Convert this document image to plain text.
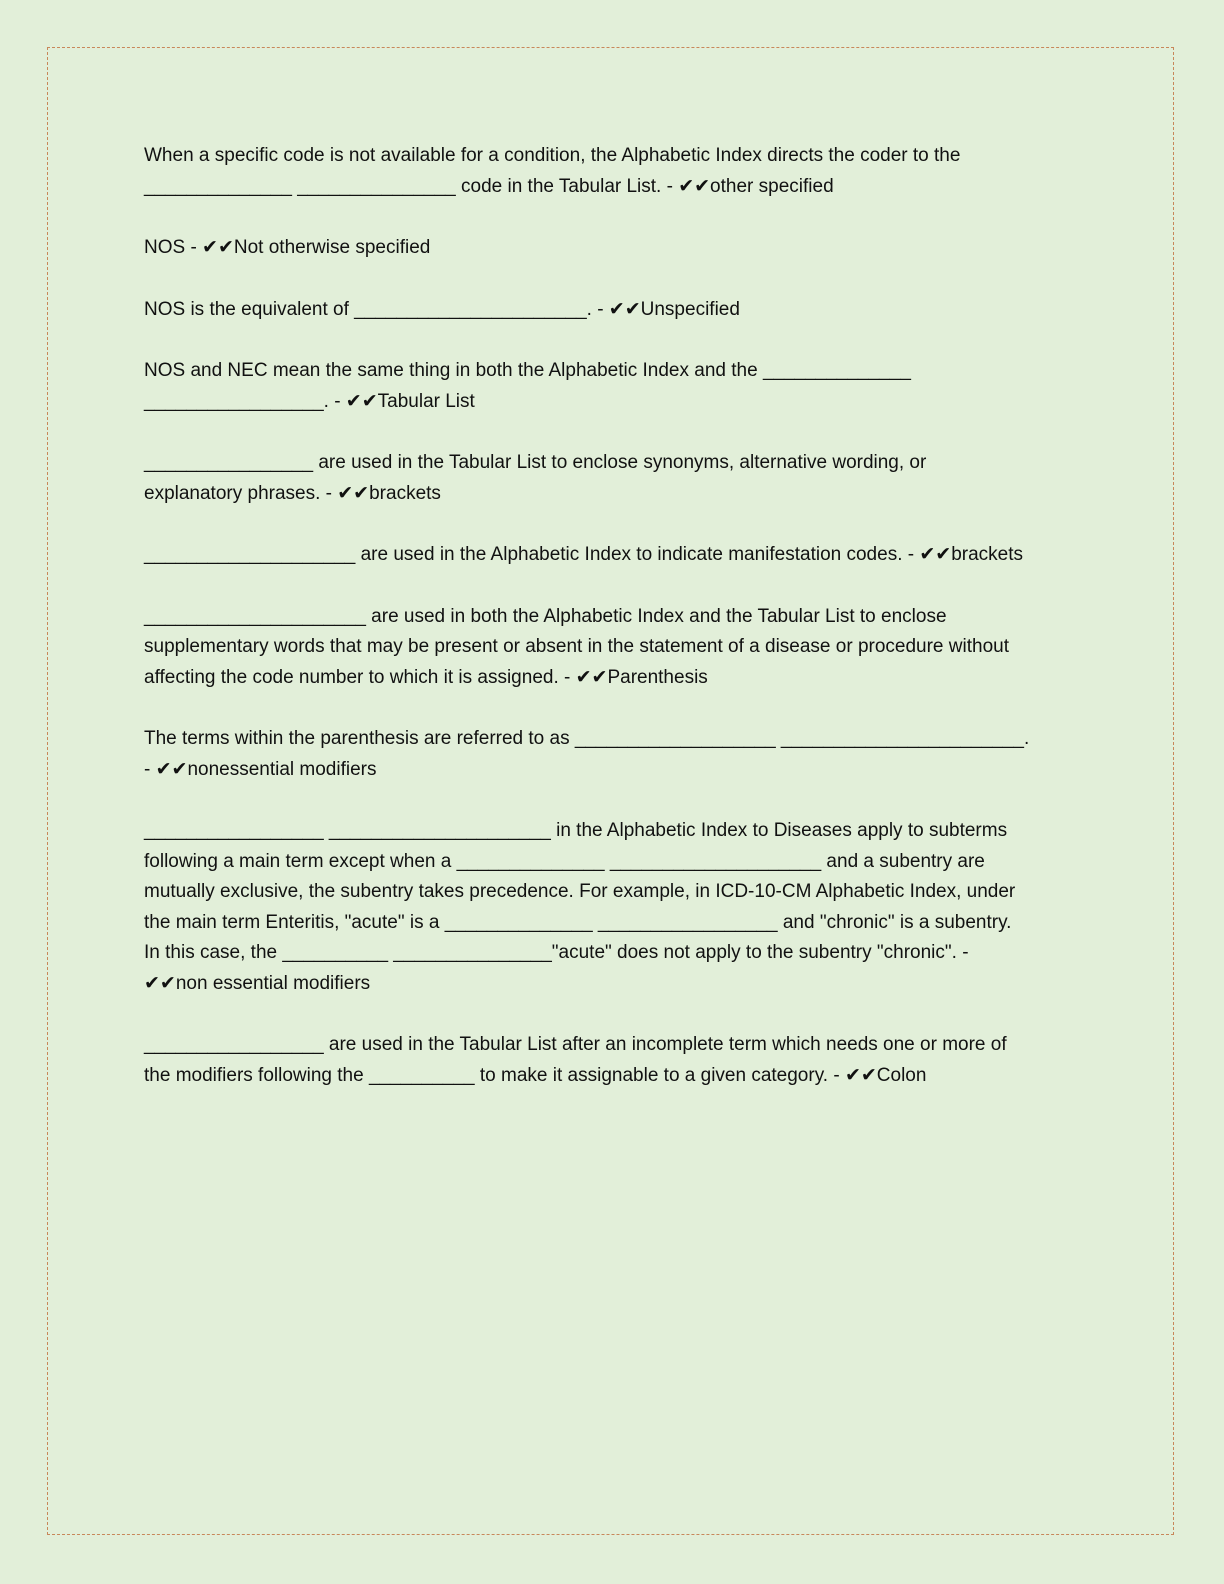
When a specific code is not available for a condition, the Alphabetic Index directs the coder to the
______________ _______________ code in the Tabular List. - ✔✔other specified

NOS - ✔✔Not otherwise specified

NOS is the equivalent of ______________________. - ✔✔Unspecified

NOS and NEC mean the same thing in both the Alphabetic Index and the ______________
_________________. - ✔✔Tabular List

________________ are used in the Tabular List to enclose synonyms, alternative wording, or
explanatory phrases. - ✔✔brackets

____________________ are used in the Alphabetic Index to indicate manifestation codes. - ✔✔brackets

_____________________ are used in both the Alphabetic Index and the Tabular List to enclose
supplementary words that may be present or absent in the statement of a disease or procedure without
affecting the code number to which it is assigned. - ✔✔Parenthesis

The terms within the parenthesis are referred to as ___________________ _______________________.
- ✔✔nonessential modifiers

_________________ _____________________ in the Alphabetic Index to Diseases apply to subterms
following a main term except when a ______________ ____________________ and a subentry are
mutually exclusive, the subentry takes precedence. For example, in ICD-10-CM Alphabetic Index, under
the main term Enteritis, "acute" is a ______________ _________________ and "chronic" is a subentry.
In this case, the __________ _______________"acute" does not apply to the subentry "chronic". -
✔✔non essential modifiers

_________________ are used in the Tabular List after an incomplete term which needs one or more of
the modifiers following the __________ to make it assignable to a given category. - ✔✔Colon
